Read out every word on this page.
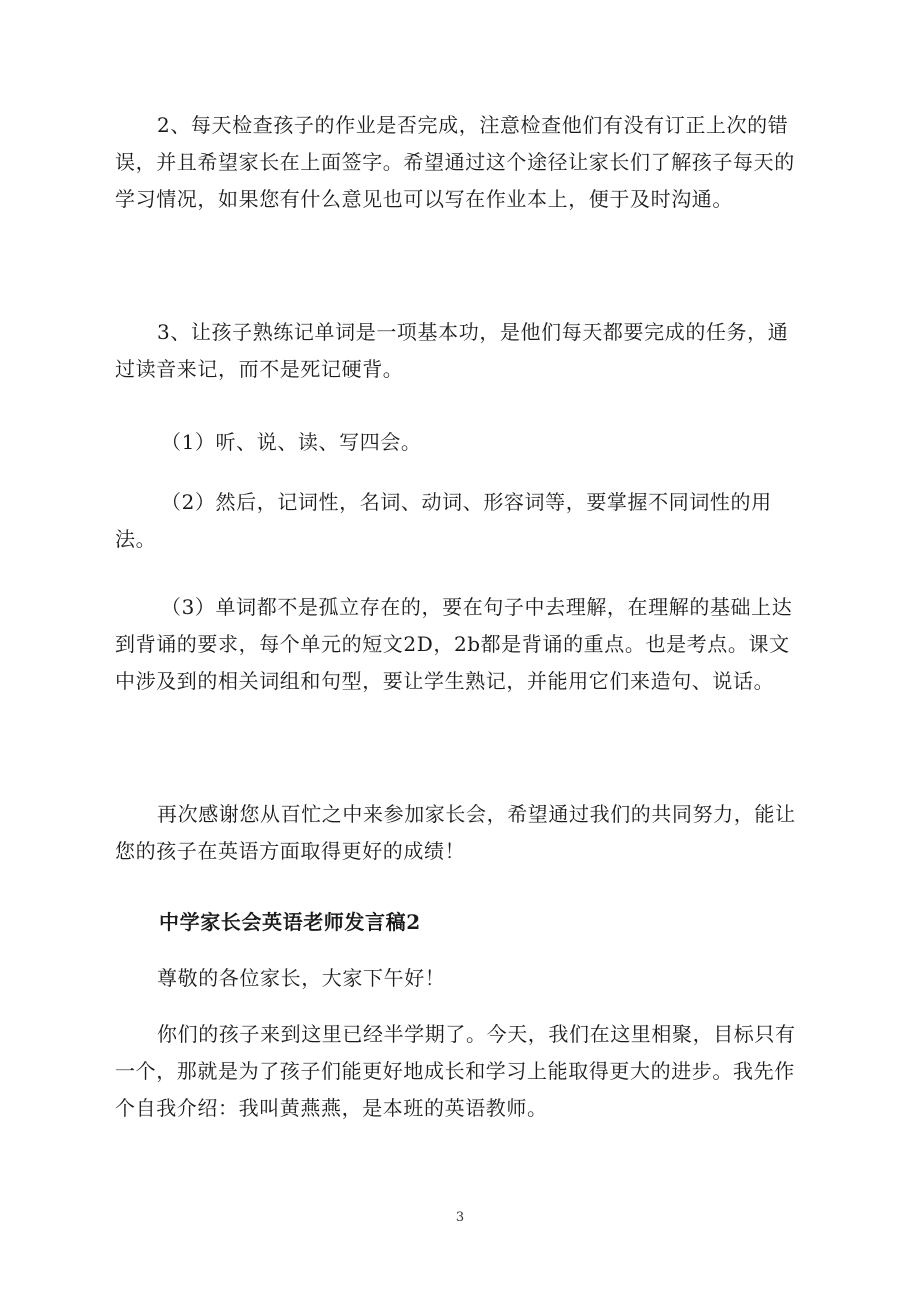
2、每天检查孩子的作业是否完成，注意检查他们有没有订正上次的错误，并且希望家长在上面签字。希望通过这个途径让家长们了解孩子每天的学习情况，如果您有什么意见也可以写在作业本上，便于及时沟通。

3、让孩子熟练记单词是一项基本功，是他们每天都要完成的任务，通过读音来记，而不是死记硬背。

（1）听、说、读、写四会。

（2）然后，记词性，名词、动词、形容词等，要掌握不同词性的用法。

（3）单词都不是孤立存在的，要在句子中去理解，在理解的基础上达到背诵的要求，每个单元的短文2D，2b都是背诵的重点。也是考点。课文中涉及到的相关词组和句型，要让学生熟记，并能用它们来造句、说话。

再次感谢您从百忙之中来参加家长会，希望通过我们的共同努力，能让您的孩子在英语方面取得更好的成绩！

中学家长会英语老师发言稿2

尊敬的各位家长，大家下午好！

你们的孩子来到这里已经半学期了。今天，我们在这里相聚，目标只有一个，那就是为了孩子们能更好地成长和学习上能取得更大的进步。我先作个自我介绍：我叫黄燕燕，是本班的英语教师。

3
